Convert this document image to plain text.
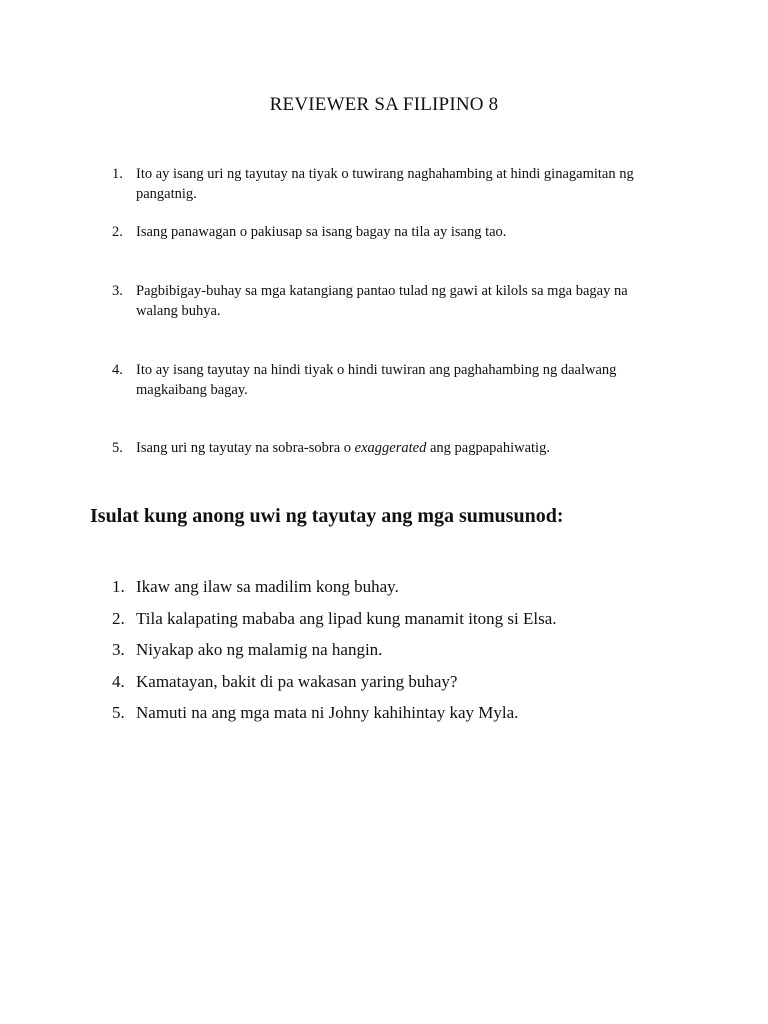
REVIEWER SA FILIPINO 8
1. Ito ay isang uri ng tayutay na tiyak o tuwirang naghahambing at hindi ginagamitan ng pangatnig.
2. Isang panawagan o pakiusap sa isang bagay na tila ay isang tao.
3. Pagbibigay-buhay sa mga katangiang pantao tulad ng gawi at kilols sa mga bagay na walang buhya.
4. Ito ay isang tayutay na hindi tiyak o hindi tuwiran ang paghahambing ng daalwang magkaibang bagay.
5. Isang uri ng tayutay na sobra-sobra o exaggerated ang pagpapahiwatig.
Isulat kung anong uwi ng tayutay ang mga sumusunod:
1. Ikaw ang ilaw sa madilim kong buhay.
2. Tila kalapating mababa ang lipad kung manamit itong si Elsa.
3. Niyakap ako ng malamig na hangin.
4. Kamatayan, bakit di pa wakasan yaring buhay?
5. Namuti na ang mga mata ni Johny kahihintay kay Myla.
